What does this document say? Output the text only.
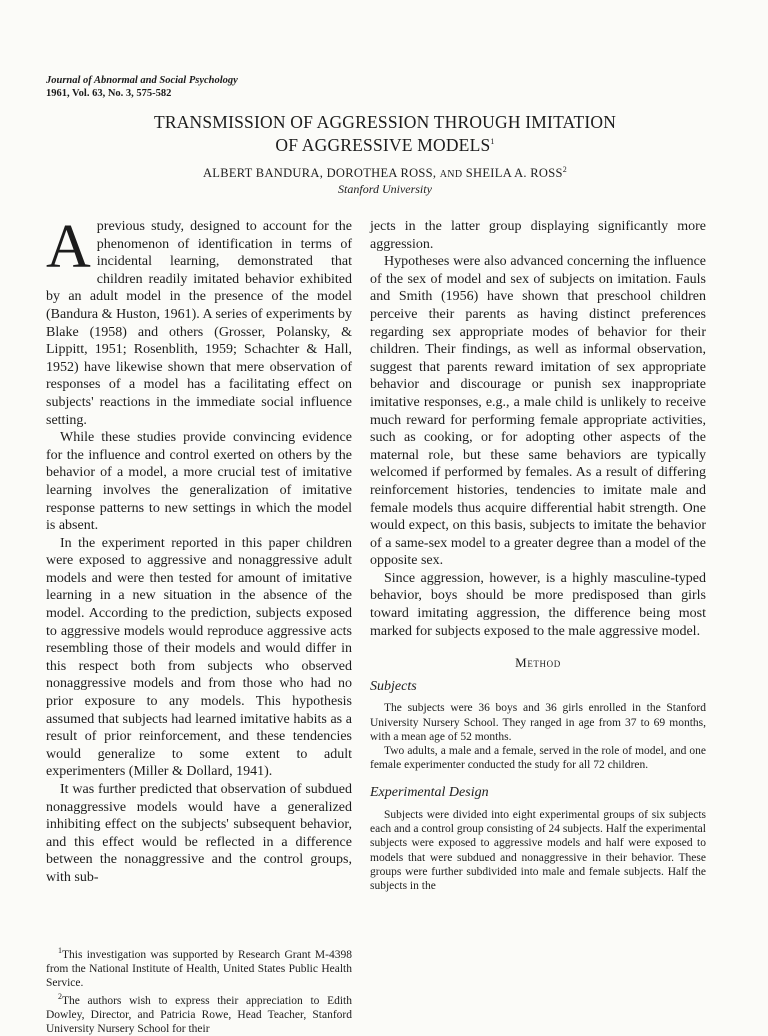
Journal of Abnormal and Social Psychology
1961, Vol. 63, No. 3, 575-582
TRANSMISSION OF AGGRESSION THROUGH IMITATION
OF AGGRESSIVE MODELS$^1$
ALBERT BANDURA, DOROTHEA ROSS, AND SHEILA A. ROSS$^2$
Stanford University

Aprevious study, designed to account for the phenomenon of identification in terms of incidental learning, demonstrated that children readily imitated behavior exhibited by an adult model in the presence of the model (Bandura & Huston, 1961). A series of experiments by Blake (1958) and others (Grosser, Polansky, & Lippitt, 1951; Rosenblith, 1959; Schachter & Hall, 1952) have likewise shown that mere observation of responses of a model has a facilitating effect on subjects' reactions in the immediate social influence setting.

While these studies provide convincing evidence for the influence and control exerted on others by the behavior of a model, a more crucial test of imitative learning involves the generalization of imitative response patterns to new settings in which the model is absent.

In the experiment reported in this paper children were exposed to aggressive and nonaggressive adult models and were then tested for amount of imitative learning in a new situation in the absence of the model. According to the prediction, subjects exposed to aggressive models would reproduce aggressive acts resembling those of their models and would differ in this respect both from subjects who observed nonaggressive models and from those who had no prior exposure to any models. This hypothesis assumed that subjects had learned imitative habits as a result of prior reinforcement, and these tendencies would generalize to some extent to adult experimenters (Miller & Dollard, 1941).

It was further predicted that observation of subdued nonaggressive models would have a generalized inhibiting effect on the subjects' subsequent behavior, and this effect would be reflected in a difference between the nonaggressive and the control groups, with sub-

$^1$This investigation was supported by Research Grant M-4398 from the National Institute of Health, United States Public Health Service.

$^2$The authors wish to express their appreciation to Edith Dowley, Director, and Patricia Rowe, Head Teacher, Stanford University Nursery School for their

jects in the latter group displaying significantly more aggression.

Hypotheses were also advanced concerning the influence of the sex of model and sex of subjects on imitation. Fauls and Smith (1956) have shown that preschool children perceive their parents as having distinct preferences regarding sex appropriate modes of behavior for their children. Their findings, as well as informal observation, suggest that parents reward imitation of sex appropriate behavior and discourage or punish sex inappropriate imitative responses, e.g., a male child is unlikely to receive much reward for performing female appropriate activities, such as cooking, or for adopting other aspects of the maternal role, but these same behaviors are typically welcomed if performed by females. As a result of differing reinforcement histories, tendencies to imitate male and female models thus acquire differential habit strength. One would expect, on this basis, subjects to imitate the behavior of a same-sex model to a greater degree than a model of the opposite sex.

Since aggression, however, is a highly masculine-typed behavior, boys should be more predisposed than girls toward imitating aggression, the difference being most marked for subjects exposed to the male aggressive model.

Method
Subjects

The subjects were 36 boys and 36 girls enrolled in the Stanford University Nursery School. They ranged in age from 37 to 69 months, with a mean age of 52 months.

Two adults, a male and a female, served in the role of model, and one female experimenter conducted the study for all 72 children.

Experimental Design

Subjects were divided into eight experimental groups of six subjects each and a control group consisting of 24 subjects. Half the experimental subjects were exposed to aggressive models and half were exposed to models that were subdued and nonaggressive in their behavior. These groups were further subdivided into male and female subjects. Half the subjects in the
